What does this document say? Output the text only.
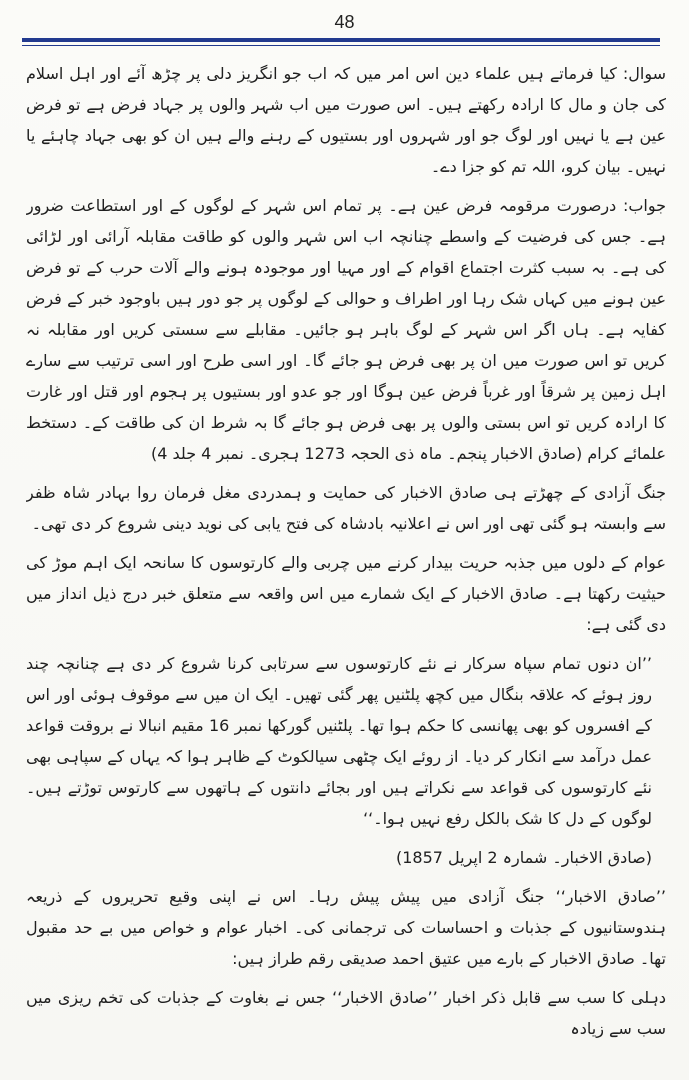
48

سوال: کیا فرماتے ہیں علماء دین اس امر میں کہ اب جو انگریز دلی پر چڑھ آئے اور اہل اسلام کی جان و مال کا ارادہ رکھتے ہیں۔ اس صورت میں اب شہر والوں پر جہاد فرض ہے تو فرض عین ہے یا نہیں اور لوگ جو اور شہروں اور بستیوں کے رہنے والے ہیں ان کو بھی جہاد چاہئے یا نہیں۔ بیان کرو، اللہ تم کو جزا دے۔

جواب: درصورت مرقومہ فرض عین ہے۔ پر تمام اس شہر کے لوگوں کے اور استطاعت ضرور ہے۔ جس کی فرضیت کے واسطے چنانچہ اب اس شہر والوں کو طاقت مقابلہ آرائی اور لڑائی کی ہے۔ بہ سبب کثرت اجتماع اقوام کے اور مہیا اور موجودہ ہونے والے آلات حرب کے تو فرض عین ہونے میں کہاں شک رہا اور اطراف و حوالی کے لوگوں پر جو دور ہیں باوجود خبر کے فرض کفایہ ہے۔ ہاں اگر اس شہر کے لوگ باہر ہو جائیں۔ مقابلے سے سستی کریں اور مقابلہ نہ کریں تو اس صورت میں ان پر بھی فرض ہو جائے گا۔ اور اسی طرح اور اسی ترتیب سے سارے اہل زمین پر شرقاً اور غرباً فرض عین ہوگا اور جو عدو اور بستیوں پر ہجوم اور قتل اور غارت کا ارادہ کریں تو اس بستی والوں پر بھی فرض ہو جائے گا بہ شرط ان کی طاقت کے۔ دستخط علمائے کرام (صادق الاخبار پنجم۔ ماہ ذی الحجہ 1273 ہجری۔ نمبر 4 جلد 4)

جنگ آزادی کے چھڑتے ہی صادق الاخبار کی حمایت و ہمدردی مغل فرمان روا بہادر شاہ ظفر سے وابستہ ہو گئی تھی اور اس نے اعلانیہ بادشاہ کی فتح یابی کی نوید دینی شروع کر دی تھی۔

عوام کے دلوں میں جذبہ حریت بیدار کرنے میں چربی والے کارتوسوں کا سانحہ ایک اہم موڑ کی حیثیت رکھتا ہے۔ صادق الاخبار کے ایک شمارے میں اس واقعہ سے متعلق خبر درج ذیل انداز میں دی گئی ہے:

’’ان دنوں تمام سپاہ سرکار نے نئے کارتوسوں سے سرتابی کرنا شروع کر دی ہے چنانچہ چند روز ہوئے کہ علاقہ بنگال میں کچھ پلٹنیں پھر گئی تھیں۔ ایک ان میں سے موقوف ہوئی اور اس کے افسروں کو بھی پھانسی کا حکم ہوا تھا۔ پلٹنیں گورکھا نمبر 16 مقیم انبالا نے بروقت قواعد عمل درآمد سے انکار کر دیا۔ از روئے ایک چٹھی سیالکوٹ کے ظاہر ہوا کہ یہاں کے سپاہی بھی نئے کارتوسوں کی قواعد سے نکراتے ہیں اور بجائے دانتوں کے ہاتھوں سے کارتوس توڑتے ہیں۔ لوگوں کے دل کا شک بالکل رفع نہیں ہوا۔‘‘

(صادق الاخبار۔ شمارہ 2 اپریل 1857)

’’صادق الاخبار‘‘ جنگ آزادی میں پیش پیش رہا۔ اس نے اپنی وقیع تحریروں کے ذریعہ ہندوستانیوں کے جذبات و احساسات کی ترجمانی کی۔ اخبار عوام و خواص میں بے حد مقبول تھا۔ صادق الاخبار کے بارے میں عتیق احمد صدیقی رقم طراز ہیں:

دہلی کا سب سے قابل ذکر اخبار ’’صادق الاخبار‘‘ جس نے بغاوت کے جذبات کی تخم ریزی میں سب سے زیادہ
